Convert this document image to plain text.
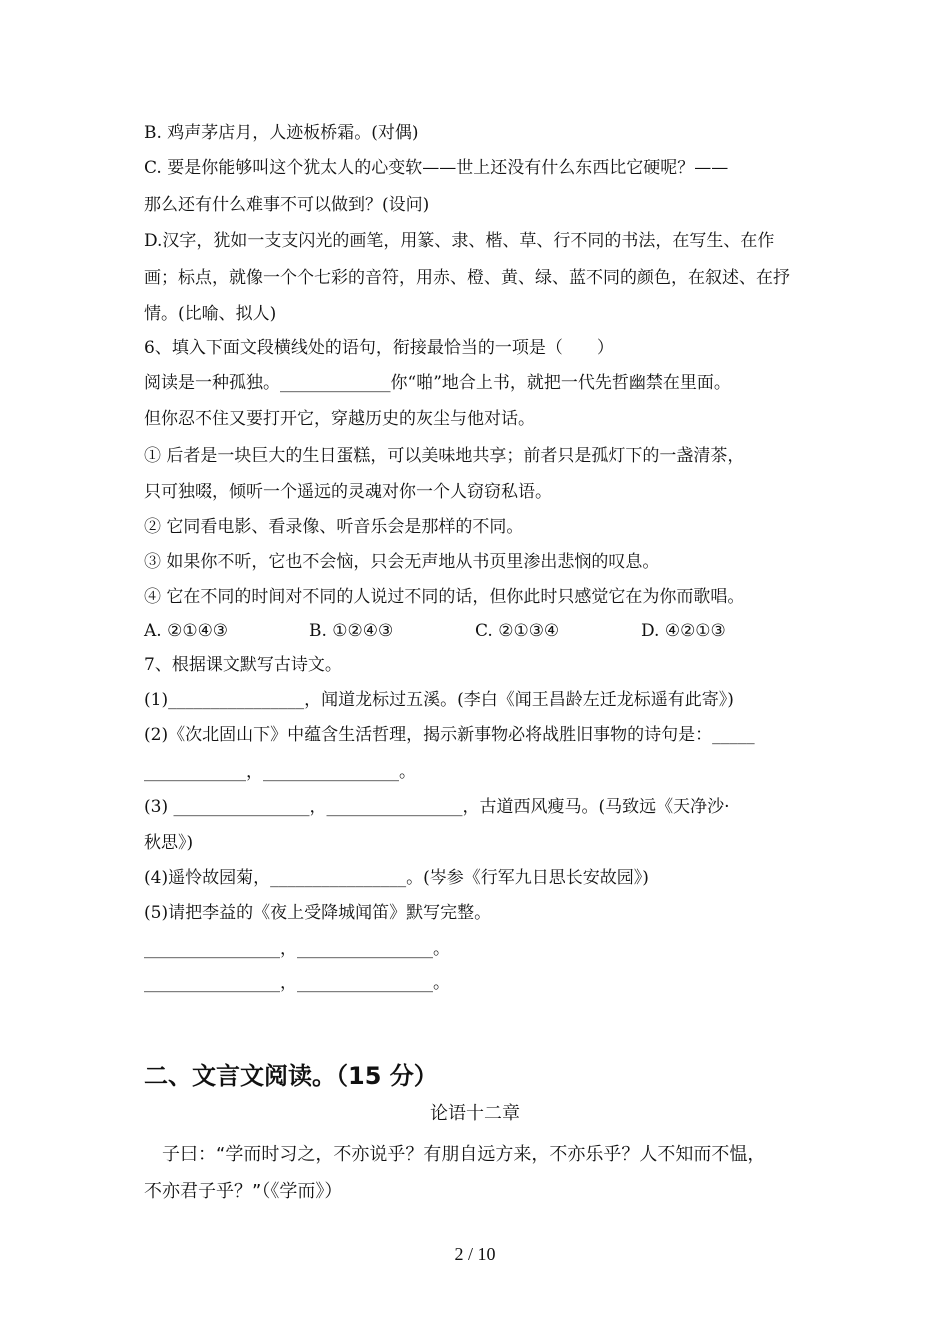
B. 鸡声茅店月，人迹板桥霜。(对偶)
C. 要是你能够叫这个犹太人的心变软——世上还没有什么东西比它硬呢？——
那么还有什么难事不可以做到？(设问)
D.汉字，犹如一支支闪光的画笔，用篆、隶、楷、草、行不同的书法，在写生、在作
画；标点，就像一个个七彩的音符，用赤、橙、黄、绿、蓝不同的颜色，在叙述、在抒
情。(比喻、拟人)
6、填入下面文段横线处的语句，衔接最恰当的一项是（　　）
阅读是一种孤独。_____________你“啪”地合上书，就把一代先哲幽禁在里面。
但你忍不住又要打开它，穿越历史的灰尘与他对话。
① 后者是一块巨大的生日蛋糕，可以美味地共享；前者只是孤灯下的一盏清茶，
只可独啜，倾听一个遥远的灵魂对你一个人窃窃私语。
② 它同看电影、看录像、听音乐会是那样的不同。
③ 如果你不听，它也不会恼，只会无声地从书页里渗出悲悯的叹息。
④ 它在不同的时间对不同的人说过不同的话，但你此时只感觉它在为你而歌唱。
A. ②①④③	B. ①②④③	C. ②①③④	D. ④②①③
7、根据课文默写古诗文。
(1)________________，闻道龙标过五溪。(李白《闻王昌龄左迁龙标遥有此寄》)
(2)《次北固山下》中蕴含生活哲理，揭示新事物必将战胜旧事物的诗句是：_____
____________，________________。
(3) ________________，________________，古道西风瘦马。(马致远《天净沙·
秋思》)
(4)遥怜故园菊，________________。(岑参《行军九日思长安故园》)
(5)请把李益的《夜上受降城闻笛》默写完整。
________________，________________。
________________，________________。
二、文言文阅读。（15 分）
论语十二章
　子曰：“学而时习之，不亦说乎？有朋自远方来，不亦乐乎？人不知而不愠，
不亦君子乎？”（《学而》）
2 / 10
